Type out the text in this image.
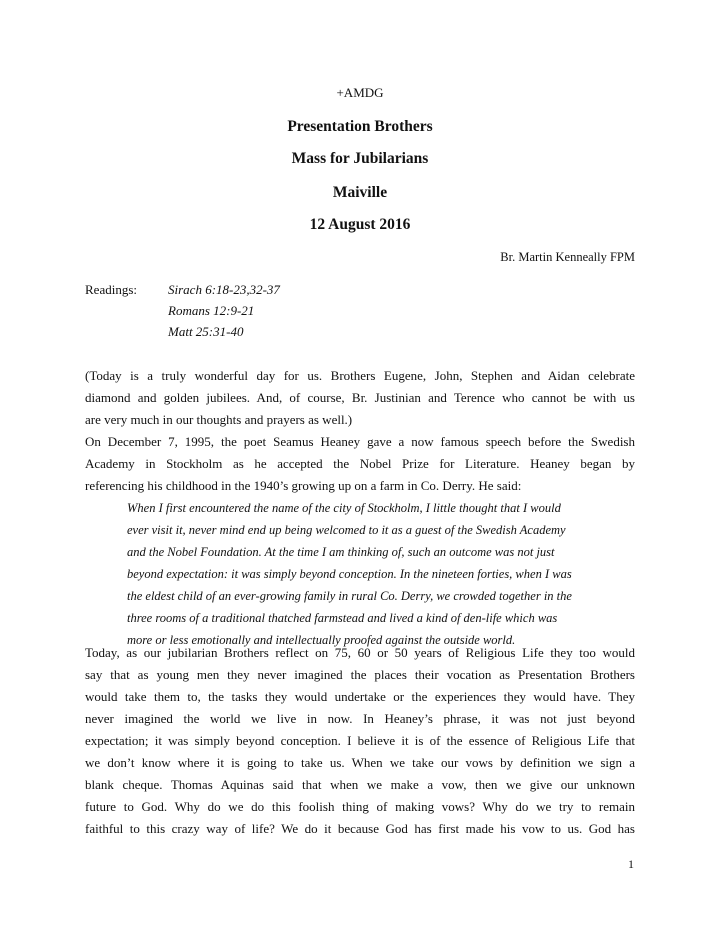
+AMDG
Presentation Brothers
Mass for Jubilarians
Maiville
12 August 2016
Br. Martin Kenneally FPM
Readings: Sirach 6:18-23,32-37
Romans 12:9-21
Matt 25:31-40

(Today is a truly wonderful day for us. Brothers Eugene, John, Stephen and Aidan celebrate
diamond and golden jubilees. And, of course, Br. Justinian and Terence who cannot be with us
are very much in our thoughts and prayers as well.)

On December 7, 1995, the poet Seamus Heaney gave a now famous speech before the Swedish
Academy in Stockholm as he accepted the Nobel Prize for Literature. Heaney began by
referencing his childhood in the 1940’s growing up on a farm in Co. Derry. He said:

When I first encountered the name of the city of Stockholm, I little thought that I would
ever visit it, never mind end up being welcomed to it as a guest of the Swedish Academy
and the Nobel Foundation. At the time I am thinking of, such an outcome was not just
beyond expectation: it was simply beyond conception. In the nineteen forties, when I was
the eldest child of an ever-growing family in rural Co. Derry, we crowded together in the
three rooms of a traditional thatched farmstead and lived a kind of den-life which was
more or less emotionally and intellectually proofed against the outside world.

Today, as our jubilarian Brothers reflect on 75, 60 or 50 years of Religious Life they too would
say that as young men they never imagined the places their vocation as Presentation Brothers
would take them to, the tasks they would undertake or the experiences they would have. They
never imagined the world we live in now. In Heaney’s phrase, it was not just beyond
expectation; it was simply beyond conception. I believe it is of the essence of Religious Life that
we don’t know where it is going to take us. When we take our vows by definition we sign a
blank cheque. Thomas Aquinas said that when we make a vow, then we give our unknown
future to God. Why do we do this foolish thing of making vows? Why do we try to remain
faithful to this crazy way of life? We do it because God has first made his vow to us. God has

1
